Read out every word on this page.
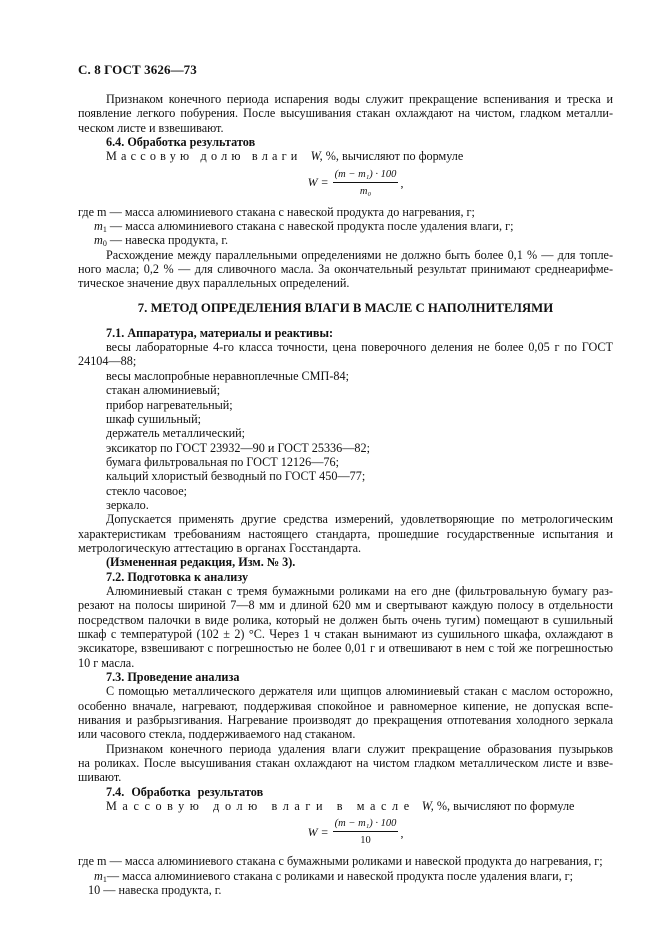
С. 8 ГОСТ 3626—73
Признаком конечного периода испарения воды служит прекращение вспенивания и треска и
появление легкого побурения. После высушивания стакан охлаждают на чистом, гладком металли-
ческом листе и взвешивают.
6.4. Обработка результатов
Массовую долю влаги W, %, вычисляют по формуле
$W = \frac{\text{(m − m₁) · 100}}{\text{m₀}}$ ,
где m — масса алюминиевого стакана с навеской продукта до нагревания, г;
$m_1$ — масса алюминиевого стакана с навеской продукта после удаления влаги, г;
$m_0$ — навеска продукта, г.
Расхождение между параллельными определениями не должно быть более 0,1 % — для топле-
ного масла; 0,2 % — для сливочного масла. За окончательный результат принимают среднеарифме-
тическое значение двух параллельных определений.
7. МЕТОД ОПРЕДЕЛЕНИЯ ВЛАГИ В МАСЛЕ С НАПОЛНИТЕЛЯМИ
7.1. Аппаратура, материалы и реактивы:
весы лабораторные 4-го класса точности, цена поверочного деления не более 0,05 г по ГОСТ
24104—88;
весы маслопробные неравноплечные СМП-84;
стакан алюминиевый;
прибор нагревательный;
шкаф сушильный;
держатель металлический;
эксикатор по ГОСТ 23932—90 и ГОСТ 25336—82;
бумага фильтровальная по ГОСТ 12126—76;
кальций хлористый безводный по ГОСТ 450—77;
стекло часовое;
зеркало.
Допускается применять другие средства измерений, удовлетворяющие по метрологическим
характеристикам требованиям настоящего стандарта, прошедшие государственные испытания и
метрологическую аттестацию в органах Госстандарта.
(Измененная редакция, Изм. № 3).
7.2. Подготовка к анализу
Алюминиевый стакан с тремя бумажными роликами на его дне (фильтровальную бумагу раз-
резают на полосы шириной 7—8 мм и длиной 620 мм и свертывают каждую полосу в отдельности
посредством палочки в виде ролика, который не должен быть очень тугим) помещают в сушильный
шкаф с температурой (102 ± 2) °С. Через 1 ч стакан вынимают из сушильного шкафа, охлаждают в
эксикаторе, взвешивают с погрешностью не более 0,01 г и отвешивают в нем с той же погрешностью
10 г масла.
7.3. Проведение анализа
С помощью металлического держателя или щипцов алюминиевый стакан с маслом осторожно,
особенно вначале, нагревают, поддерживая спокойное и равномерное кипение, не допуская вспе-
нивания и разбрызгивания. Нагревание производят до прекращения отпотевания холодного зеркала
или часового стекла, поддерживаемого над стаканом.
Признаком конечного периода удаления влаги служит прекращение образования пузырьков
на роликах. После высушивания стакан охлаждают на чистом гладком металлическом листе и взве-
шивают.
7.4. Обработка результатов
Массовую долю влаги в масле W, %, вычисляют по формуле
$W = \frac{\text{(m − m₁) · 100}}{10}$ ,
где m — масса алюминиевого стакана с бумажными роликами и навеской продукта до нагревания, г;
$m_1—$ масса алюминиевого стакана с роликами и навеской продукта после удаления влаги, г;
10 — навеска продукта, г.
